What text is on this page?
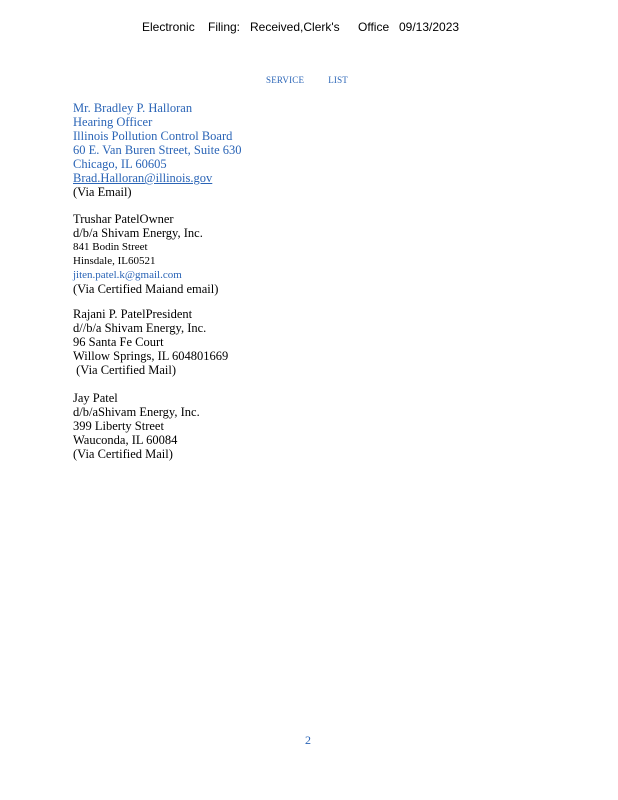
Electronic Filing: Received,Clerk's Office 09/13/2023
SERVICE	LIST
Mr. Bradley P. Halloran
Hearing Officer
Illinois Pollution Control Board
60 E. Van Buren Street, Suite 630
Chicago, IL 60605
Brad.Halloran@illinois.gov
(Via Email)
Trushar PatelOwner
d/b/a Shivam Energy, Inc.
841 Bodin Street
Hinsdale, IL60521
jiten.patel.k@gmail.com
(Via Certified Maiand email)
Rajani P. PatelPresident
d//b/a Shivam Energy, Inc.
96 Santa Fe Court
Willow Springs, IL 604801669
(Via Certified Mail)
Jay Patel
d/b/aShivam Energy, Inc.
399 Liberty Street
Wauconda, IL 60084
(Via Certified Mail)
2
